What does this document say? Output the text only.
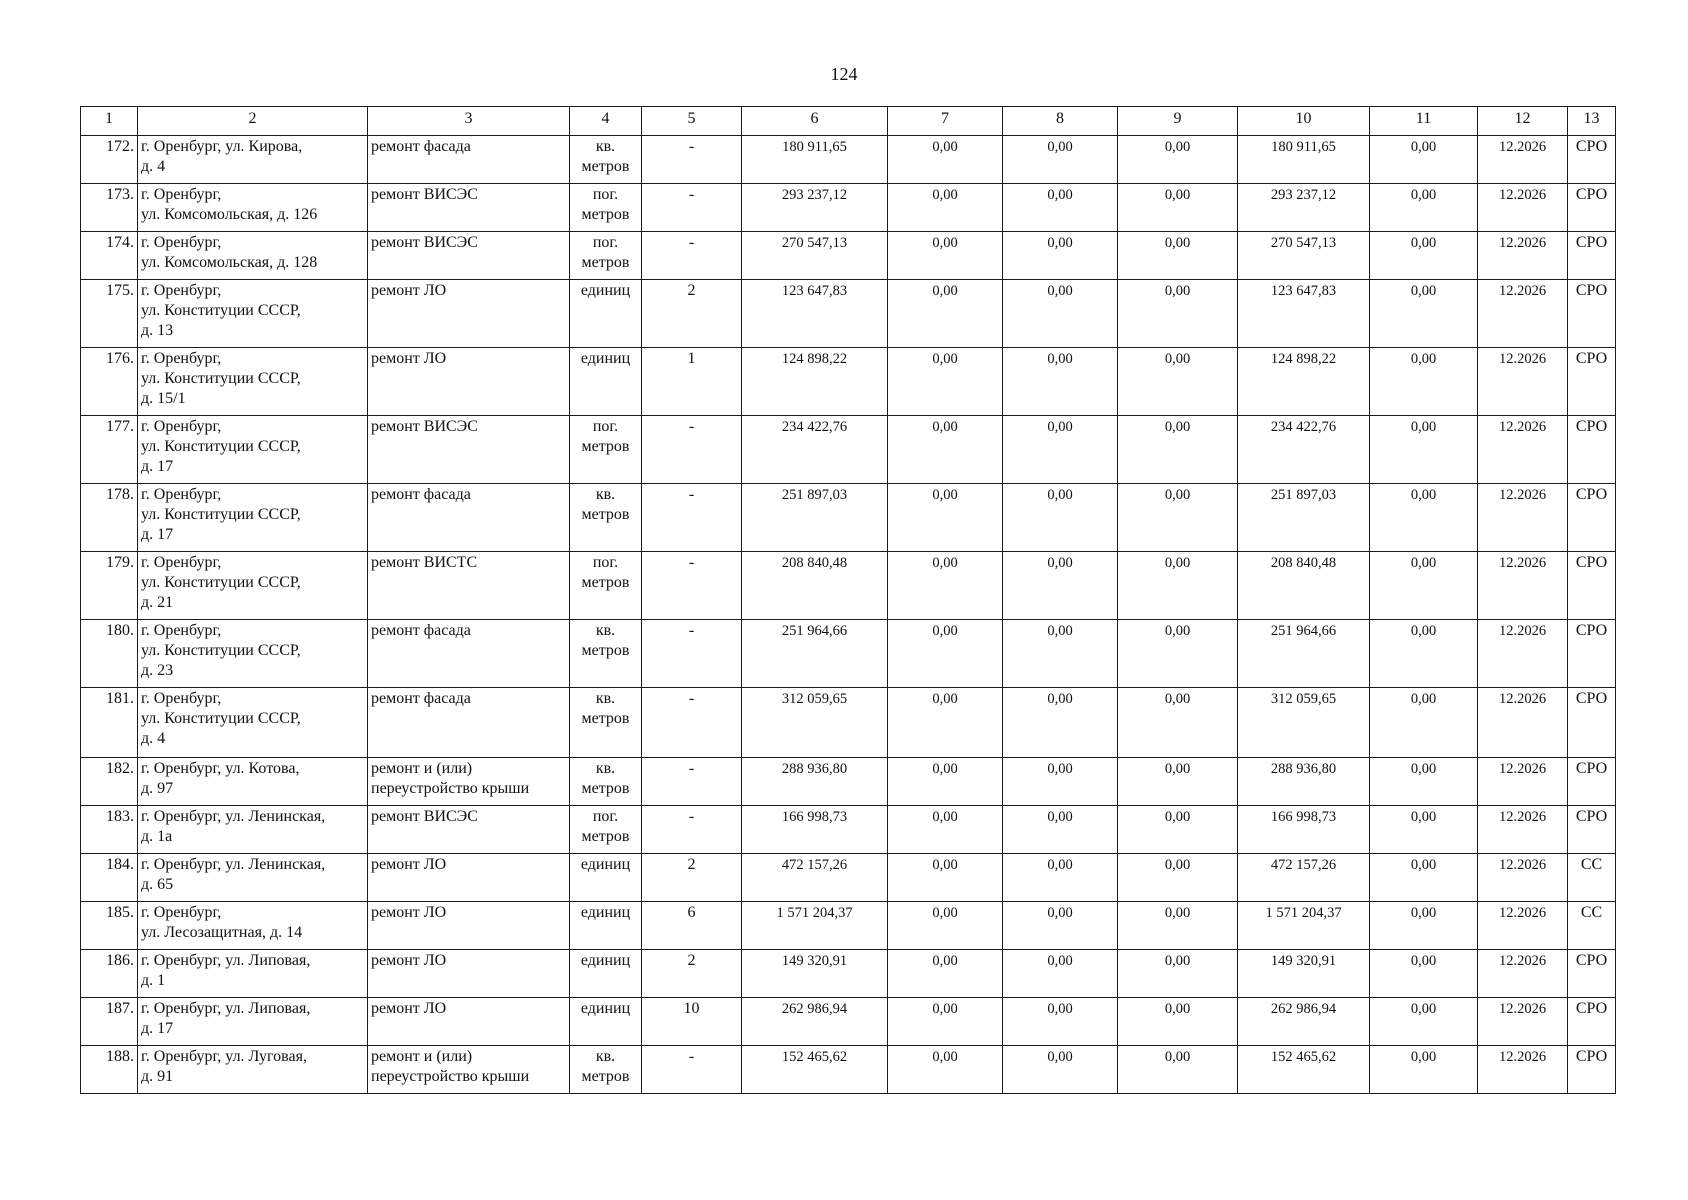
124
1	2	3	4	5	6	7	8	9	10	11	12	13
172.	г. Оренбург, ул. Кирова,
д. 4	ремонт фасада	кв.
метров	-	180 911,65	0,00	0,00	0,00	180 911,65	0,00	12.2026	СРО
173.	г. Оренбург,
ул. Комсомольская, д. 126	ремонт ВИСЭС	пог.
метров	-	293 237,12	0,00	0,00	0,00	293 237,12	0,00	12.2026	СРО
174.	г. Оренбург,
ул. Комсомольская, д. 128	ремонт ВИСЭС	пог.
метров	-	270 547,13	0,00	0,00	0,00	270 547,13	0,00	12.2026	СРО
175.	г. Оренбург,
ул. Конституции СССР,
д. 13	ремонт ЛО	единиц	2	123 647,83	0,00	0,00	0,00	123 647,83	0,00	12.2026	СРО
176.	г. Оренбург,
ул. Конституции СССР,
д. 15/1	ремонт ЛО	единиц	1	124 898,22	0,00	0,00	0,00	124 898,22	0,00	12.2026	СРО
177.	г. Оренбург,
ул. Конституции СССР,
д. 17	ремонт ВИСЭС	пог.
метров	-	234 422,76	0,00	0,00	0,00	234 422,76	0,00	12.2026	СРО
178.	г. Оренбург,
ул. Конституции СССР,
д. 17	ремонт фасада	кв.
метров	-	251 897,03	0,00	0,00	0,00	251 897,03	0,00	12.2026	СРО
179.	г. Оренбург,
ул. Конституции СССР,
д. 21	ремонт ВИСТС	пог.
метров	-	208 840,48	0,00	0,00	0,00	208 840,48	0,00	12.2026	СРО
180.	г. Оренбург,
ул. Конституции СССР,
д. 23	ремонт фасада	кв.
метров	-	251 964,66	0,00	0,00	0,00	251 964,66	0,00	12.2026	СРО
181.	г. Оренбург,
ул. Конституции СССР,
д. 4	ремонт фасада	кв.
метров	-	312 059,65	0,00	0,00	0,00	312 059,65	0,00	12.2026	СРО
182.	г. Оренбург, ул. Котова,
д. 97	ремонт и (или)
переустройство крыши	кв.
метров	-	288 936,80	0,00	0,00	0,00	288 936,80	0,00	12.2026	СРО
183.	г. Оренбург, ул. Ленинская,
д. 1а	ремонт ВИСЭС	пог.
метров	-	166 998,73	0,00	0,00	0,00	166 998,73	0,00	12.2026	СРО
184.	г. Оренбург, ул. Ленинская,
д. 65	ремонт ЛО	единиц	2	472 157,26	0,00	0,00	0,00	472 157,26	0,00	12.2026	СС
185.	г. Оренбург,
ул. Лесозащитная, д. 14	ремонт ЛО	единиц	6	1 571 204,37	0,00	0,00	0,00	1 571 204,37	0,00	12.2026	СС
186.	г. Оренбург, ул. Липовая,
д. 1	ремонт ЛО	единиц	2	149 320,91	0,00	0,00	0,00	149 320,91	0,00	12.2026	СРО
187.	г. Оренбург, ул. Липовая,
д. 17	ремонт ЛО	единиц	10	262 986,94	0,00	0,00	0,00	262 986,94	0,00	12.2026	СРО
188.	г. Оренбург, ул. Луговая,
д. 91	ремонт и (или)
переустройство крыши	кв.
метров	-	152 465,62	0,00	0,00	0,00	152 465,62	0,00	12.2026	СРО
